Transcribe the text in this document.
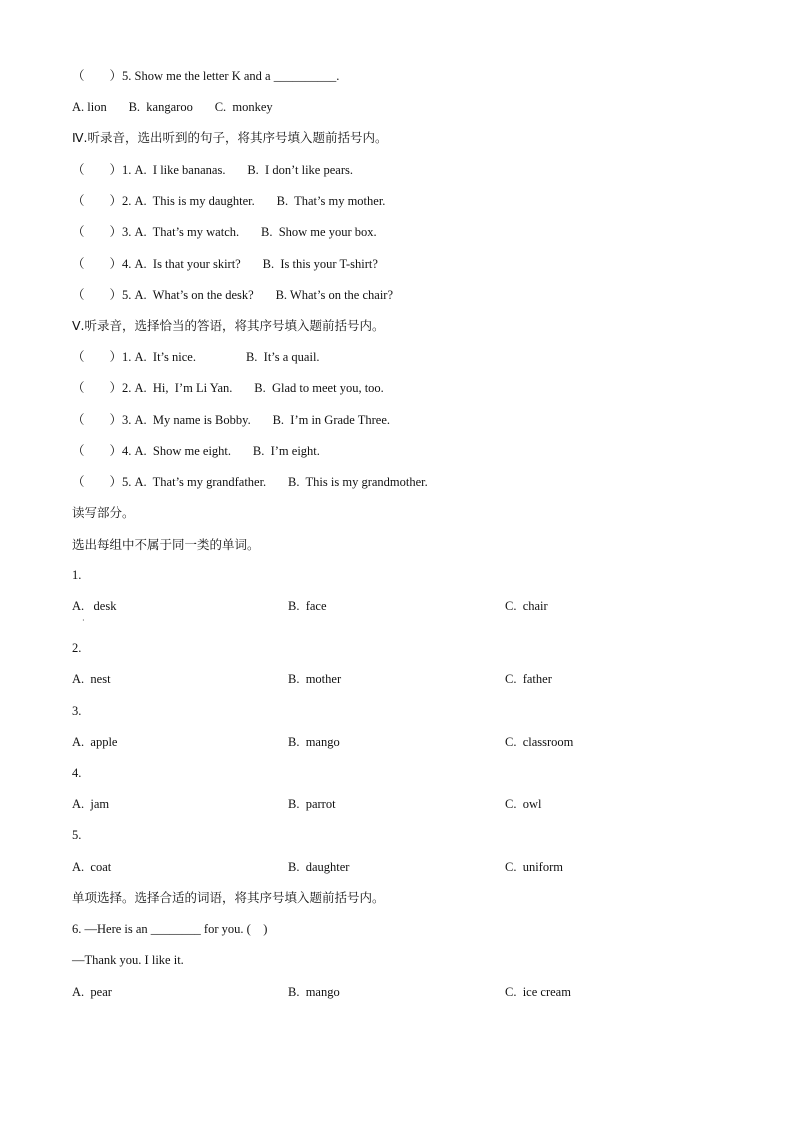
（　　）5. Show me the letter K and a __________.
A. lion       B.  kangaroo       C.  monkey
Ⅳ.听录音，选出听到的句子，将其序号填入题前括号内。
（　　）1. A.  I like bananas.       B.  I don’t like pears.
（　　）2. A.  This is my daughter.       B.  That’s my mother.
（　　）3. A.  That’s my watch.       B.  Show me your box.
（　　）4. A.  Is that your skirt?       B.  Is this your T-shirt?
（　　）5. A.  What’s on the desk?       B. What’s on the chair?
Ⅴ.听录音，选择恰当的答语，将其序号填入题前括号内。
（　　）1. A.  It’s nice.                B.  It’s a quail.
（　　）2. A.  Hi,  I’m Li Yan.       B.  Glad to meet you, too.
（　　）3. A.  My name is Bobby.       B.  I’m in Grade Three.
（　　）4. A.  Show me eight.       B.  I’m eight.
（　　）5. A.  That’s my grandfather.       B.  This is my grandmother.
读写部分。
选出每组中不属于同一类的单词。
1.
A.   desk	B.  face	C.  chair
·
2.
A.  nest	B.  mother	C.  father
3.
A.  apple	B.  mango	C.  classroom
4.
A.  jam	B.  parrot	C.  owl
5.
A.  coat	B.  daughter	C.  uniform
单项选择。选择合适的词语，将其序号填入题前括号内。
6. —Here is an ________ for you. (    )
—Thank you. I like it.
A.  pear	B.  mango	C.  ice cream
